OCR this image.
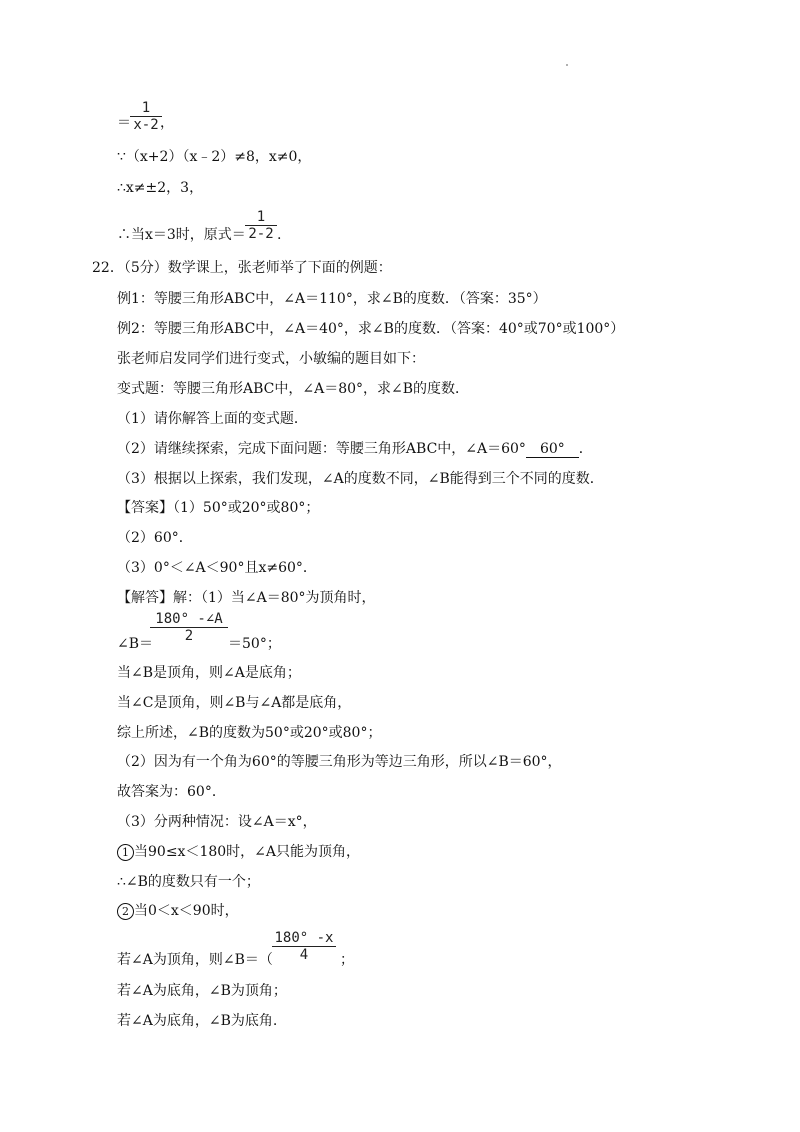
＝
1
x-2 ，
∵（x+2）（x﹣2）≠8，x≠0，
∴x≠±2，3，
∴当x＝3时，原式＝
1
2-2 .
22．（5分）数学课上，张老师举了下面的例题：
例1：等腰三角形ABC中，∠A＝110°，求∠B的度数．（答案：35°）
例2：等腰三角形ABC中，∠A＝40°，求∠B的度数．（答案：40°或70°或100°）
张老师启发同学们进行变式，小敏编的题目如下：
变式题：等腰三角形ABC中，∠A＝80°，求∠B的度数．
（1）请你解答上面的变式题．
（2）请继续探索，完成下面问题：等腰三角形ABC中，∠A＝60° 60° ．
（3）根据以上探索，我们发现，∠A的度数不同，∠B能得到三个不同的度数．
【答案】（1）50°或20°或80°；
（2）60°．
（3）0°＜∠A＜90°且x≠60°．
【解答】解：（1）当∠A＝80°为顶角时，
∠B＝
180° -∠A
2	＝50°；
当∠B是顶角，则∠A是底角；
当∠C是顶角，则∠B与∠A都是底角，
综上所述，∠B的度数为50°或20°或80°；
（2）因为有一个角为60°的等腰三角形为等边三角形，所以∠B＝60°，
故答案为：60°．
（3）分两种情况：设∠A＝x°，
1 当90≤x＜180时，∠A只能为顶角，
∴∠B的度数只有一个；
2 当0＜x＜90时，
若∠A为顶角，则∠B＝（
180° -x
4	；
若∠A为底角，∠B为顶角；
若∠A为底角，∠B为底角.
